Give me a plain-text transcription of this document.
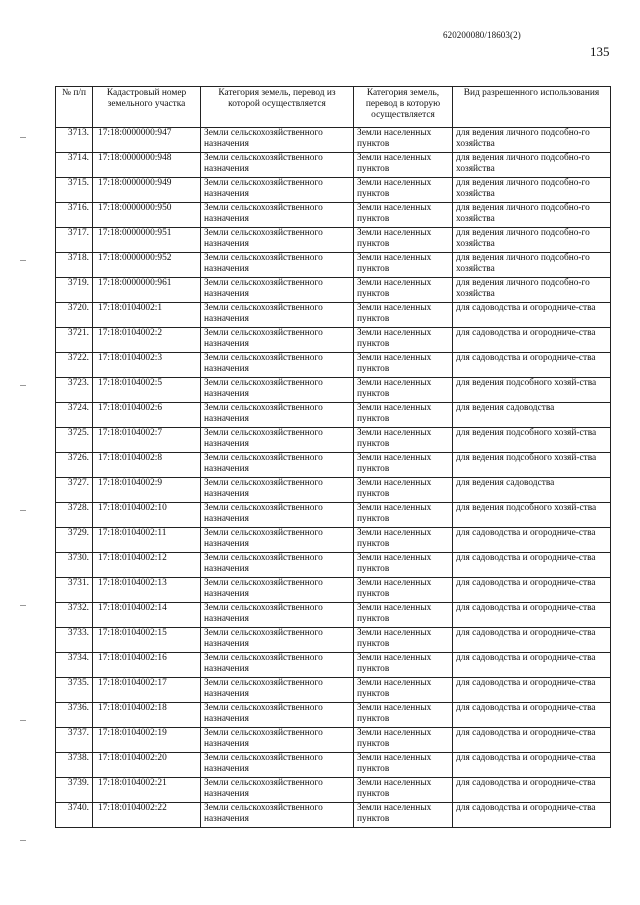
620200080/18603(2)
135
№ п/п	Кадастровый номер земельного участка	Категория земель, перевод из которой осуществляется	Категория земель, перевод в которую осуществляется	Вид разрешенного использования
3713.	17:18:0000000:947	Земли сельскохозяйственного назначения	Земли населенных пунктов	для ведения личного подсобно-го хозяйства
3714.	17:18:0000000:948	Земли сельскохозяйственного назначения	Земли населенных пунктов	для ведения личного подсобно-го хозяйства
3715.	17:18:0000000:949	Земли сельскохозяйственного назначения	Земли населенных пунктов	для ведения личного подсобно-го хозяйства
3716.	17:18:0000000:950	Земли сельскохозяйственного назначения	Земли населенных пунктов	для ведения личного подсобно-го хозяйства
3717.	17:18:0000000:951	Земли сельскохозяйственного назначения	Земли населенных пунктов	для ведения личного подсобно-го хозяйства
3718.	17:18:0000000:952	Земли сельскохозяйственного назначения	Земли населенных пунктов	для ведения личного подсобно-го хозяйства
3719.	17:18:0000000:961	Земли сельскохозяйственного назначения	Земли населенных пунктов	для ведения личного подсобно-го хозяйства
3720.	17:18:0104002:1	Земли сельскохозяйственного назначения	Земли населенных пунктов	для садоводства и огородниче-ства
3721.	17:18:0104002:2	Земли сельскохозяйственного назначения	Земли населенных пунктов	для садоводства и огородниче-ства
3722.	17:18:0104002:3	Земли сельскохозяйственного назначения	Земли населенных пунктов	для садоводства и огородниче-ства
3723.	17:18:0104002:5	Земли сельскохозяйственного назначения	Земли населенных пунктов	для ведения подсобного хозяй-ства
3724.	17:18:0104002:6	Земли сельскохозяйственного назначения	Земли населенных пунктов	для ведения садоводства
3725.	17:18:0104002:7	Земли сельскохозяйственного назначения	Земли населенных пунктов	для ведения подсобного хозяй-ства
3726.	17:18:0104002:8	Земли сельскохозяйственного назначения	Земли населенных пунктов	для ведения подсобного хозяй-ства
3727.	17:18:0104002:9	Земли сельскохозяйственного назначения	Земли населенных пунктов	для ведения садоводства
3728.	17:18:0104002:10	Земли сельскохозяйственного назначения	Земли населенных пунктов	для ведения подсобного хозяй-ства
3729.	17:18:0104002:11	Земли сельскохозяйственного назначения	Земли населенных пунктов	для садоводства и огородниче-ства
3730.	17:18:0104002:12	Земли сельскохозяйственного назначения	Земли населенных пунктов	для садоводства и огородниче-ства
3731.	17:18:0104002:13	Земли сельскохозяйственного назначения	Земли населенных пунктов	для садоводства и огородниче-ства
3732.	17:18:0104002:14	Земли сельскохозяйственного назначения	Земли населенных пунктов	для садоводства и огородниче-ства
3733.	17:18:0104002:15	Земли сельскохозяйственного назначения	Земли населенных пунктов	для садоводства и огородниче-ства
3734.	17:18:0104002:16	Земли сельскохозяйственного назначения	Земли населенных пунктов	для садоводства и огородниче-ства
3735.	17:18:0104002:17	Земли сельскохозяйственного назначения	Земли населенных пунктов	для садоводства и огородниче-ства
3736.	17:18:0104002:18	Земли сельскохозяйственного назначения	Земли населенных пунктов	для садоводства и огородниче-ства
3737.	17:18:0104002:19	Земли сельскохозяйственного назначения	Земли населенных пунктов	для садоводства и огородниче-ства
3738.	17:18:0104002:20	Земли сельскохозяйственного назначения	Земли населенных пунктов	для садоводства и огородниче-ства
3739.	17:18:0104002:21	Земли сельскохозяйственного назначения	Земли населенных пунктов	для садоводства и огородниче-ства
3740.	17:18:0104002:22	Земли сельскохозяйственного назначения	Земли населенных пунктов	для садоводства и огородниче-ства
